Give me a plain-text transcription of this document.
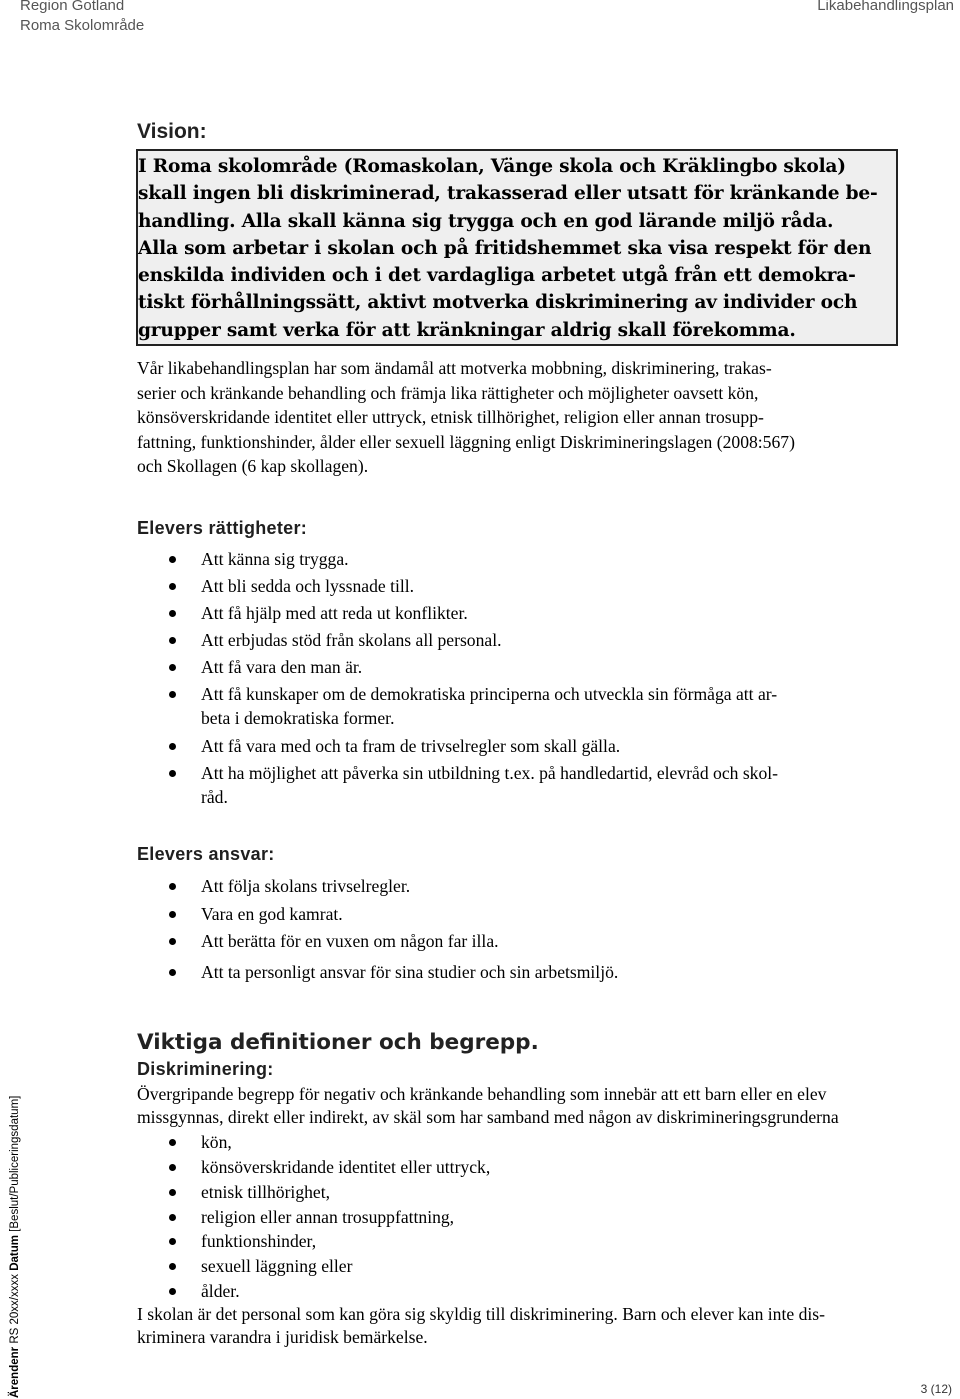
Region Gotland
Roma Skolområde
Likabehandlingsplan
Vision:
I Roma skolområde (Romaskolan, Vänge skola och Kräklingbo skola)
skall ingen bli diskriminerad, trakasserad eller utsatt för kränkande be-
handling. Alla skall känna sig trygga och en god lärande miljö råda.
Alla som arbetar i skolan och på fritidshemmet ska visa respekt för den
enskilda individen och i det vardagliga arbetet utgå från ett demokra-
tiskt förhållningssätt, aktivt motverka diskriminering av individer och
grupper samt verka för att kränkningar aldrig skall förekomma.
Vår likabehandlingsplan har som ändamål att motverka mobbning, diskriminering, trakas-
serier och kränkande behandling och främja lika rättigheter och möjligheter oavsett kön,
könsöverskridande identitet eller uttryck, etnisk tillhörighet, religion eller annan trosupp-
fattning, funktionshinder, ålder eller sexuell läggning enligt Diskrimineringslagen (2008:567)
och Skollagen (6 kap skollagen).
Elevers rättigheter:
Att känna sig trygga.
Att bli sedda och lyssnade till.
Att få hjälp med att reda ut konflikter.
Att erbjudas stöd från skolans all personal.
Att få vara den man är.
Att få kunskaper om de demokratiska principerna och utveckla sin förmåga att ar-
beta i demokratiska former.
Att få vara med och ta fram de trivselregler som skall gälla.
Att ha möjlighet att påverka sin utbildning t.ex. på handledartid, elevråd och skol-
råd.
Elevers ansvar:
Att följa skolans trivselregler.
Vara en god kamrat.
Att berätta för en vuxen om någon far illa.
Att ta personligt ansvar för sina studier och sin arbetsmiljö.
Viktiga definitioner och begrepp.
Diskriminering:
Övergripande begrepp för negativ och kränkande behandling som innebär att ett barn eller en elev
missgynnas, direkt eller indirekt, av skäl som har samband med någon av diskrimineringsgrunderna
kön,
könsöverskridande identitet eller uttryck,
etnisk tillhörighet,
religion eller annan trosuppfattning,
funktionshinder,
sexuell läggning eller
ålder.
I skolan är det personal som kan göra sig skyldig till diskriminering. Barn och elever kan inte dis-
kriminera varandra i juridisk bemärkelse.
Ärendenr RS 20xx/xxxx Datum [Beslut/Publiceringsdatum]
3 (12)
